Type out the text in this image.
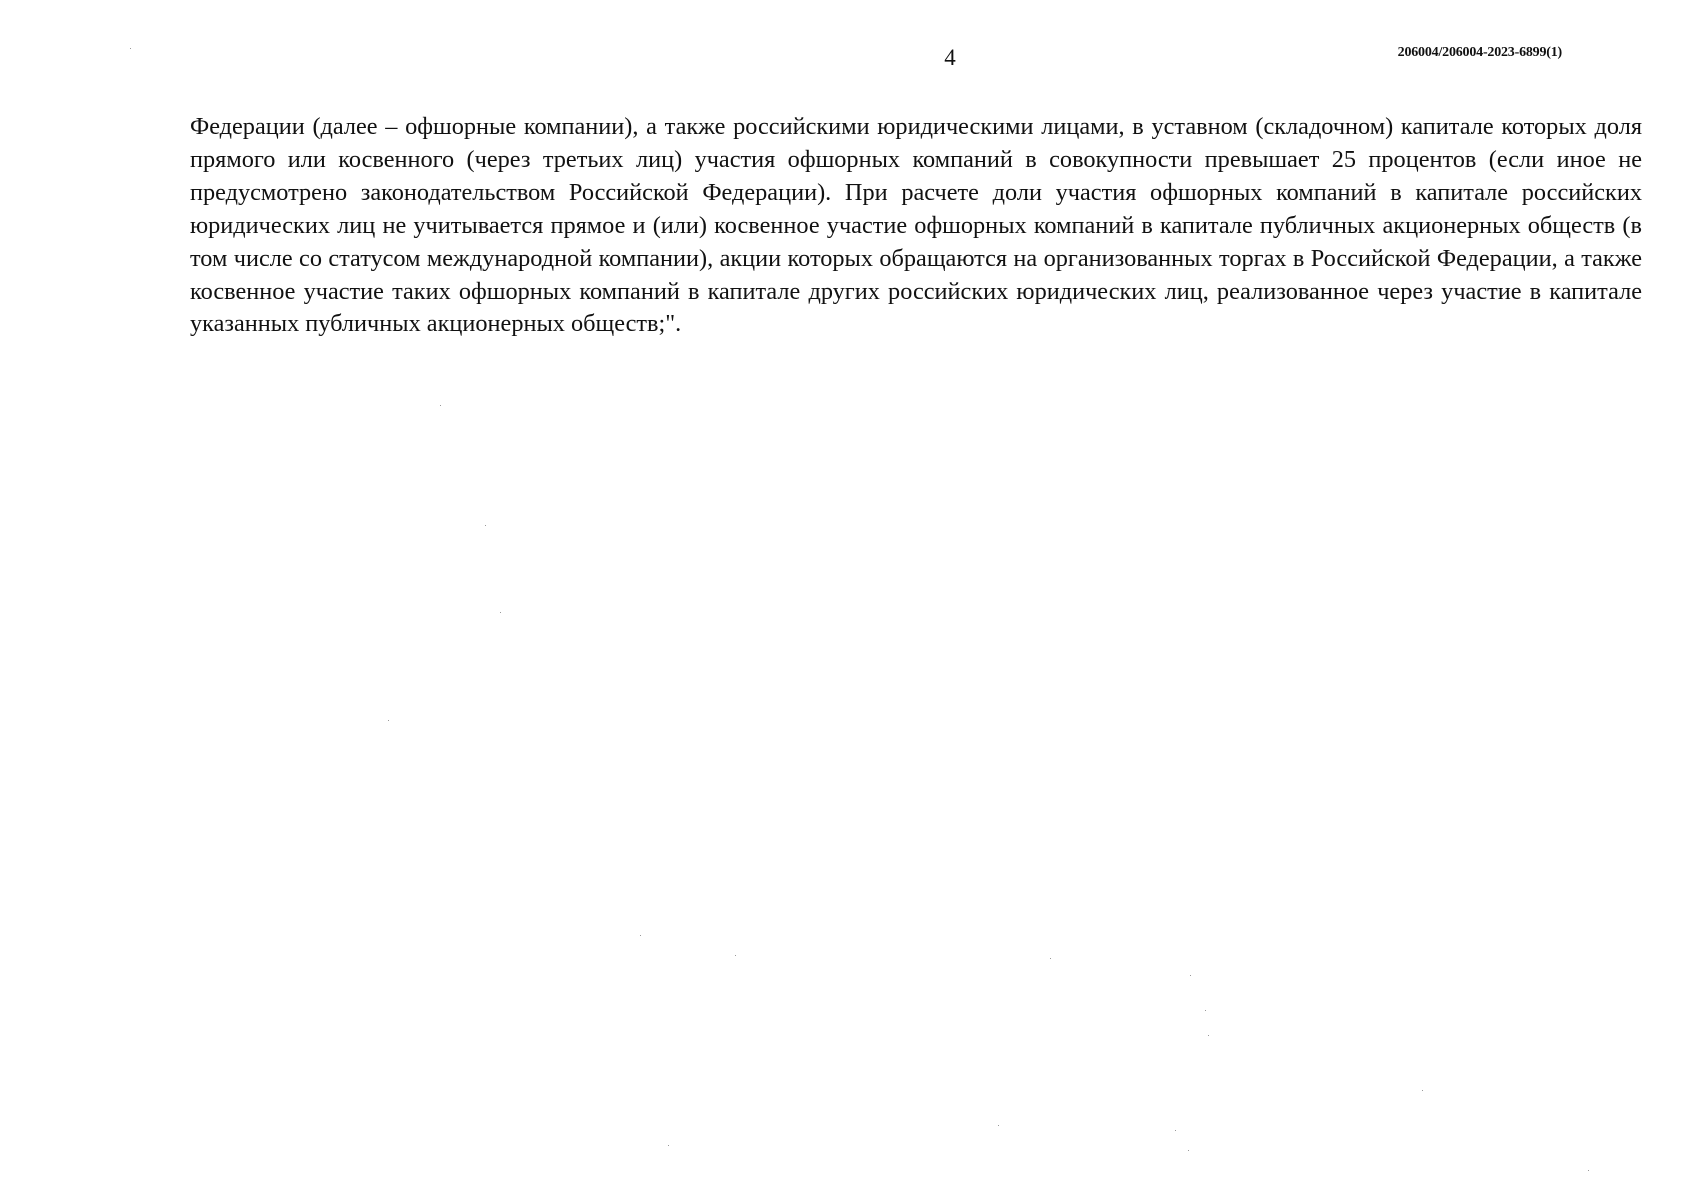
4	206004/206004-2023-6899(1)

Федерации (далее – офшорные компании), а также российскими юридическими лицами, в уставном (складочном) капитале которых доля прямого или косвенного (через третьих лиц) участия офшорных компаний в совокупности превышает 25 процентов (если иное не предусмотрено законодательством Российской Федерации). При расчете доли участия офшорных компаний в капитале российских юридических лиц не учитывается прямое и (или) косвенное участие офшорных компаний в капитале публичных акционерных обществ (в том числе со статусом международной компании), акции которых обращаются на организованных торгах в Российской Федерации, а также косвенное участие таких офшорных компаний в капитале других российских юридических лиц, реализованное через участие в капитале указанных публичных акционерных обществ;".
